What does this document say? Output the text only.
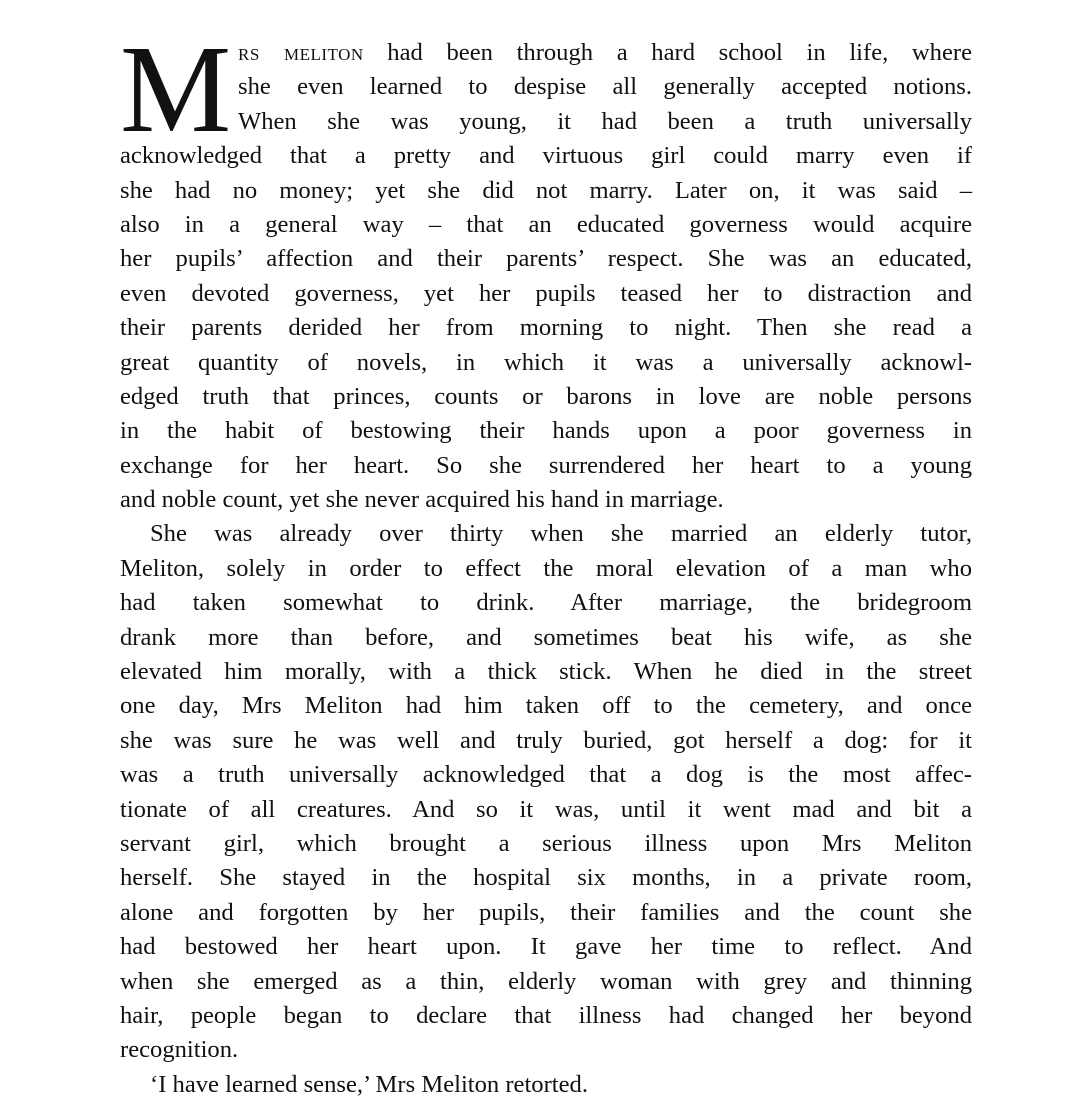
M rs meliton had been through a hard school in life, where
she even learned to despise all generally accepted notions.
When she was young, it had been a truth universally
acknowledged that a pretty and virtuous girl could marry even if
she had no money; yet she did not marry. Later on, it was said –
also in a general way – that an educated governess would acquire
her pupils’ affection and their parents’ respect. She was an educated,
even devoted governess, yet her pupils teased her to distraction and
their parents derided her from morning to night. Then she read a
great quantity of novels, in which it was a universally acknowl-
edged truth that princes, counts or barons in love are noble persons
in the habit of bestowing their hands upon a poor governess in
exchange for her heart. So she surrendered her heart to a young
and noble count, yet she never acquired his hand in marriage.
She was already over thirty when she married an elderly tutor,
Meliton, solely in order to effect the moral elevation of a man who
had taken somewhat to drink. After marriage, the bridegroom
drank more than before, and sometimes beat his wife, as she
elevated him morally, with a thick stick. When he died in the street
one day, Mrs Meliton had him taken off to the cemetery, and once
she was sure he was well and truly buried, got herself a dog: for it
was a truth universally acknowledged that a dog is the most affec-
tionate of all creatures. And so it was, until it went mad and bit a
servant girl, which brought a serious illness upon Mrs Meliton
herself. She stayed in the hospital six months, in a private room,
alone and forgotten by her pupils, their families and the count she
had bestowed her heart upon. It gave her time to reflect. And
when she emerged as a thin, elderly woman with grey and thinning
hair, people began to declare that illness had changed her beyond
recognition.
‘I have learned sense,’ Mrs Meliton retorted.
